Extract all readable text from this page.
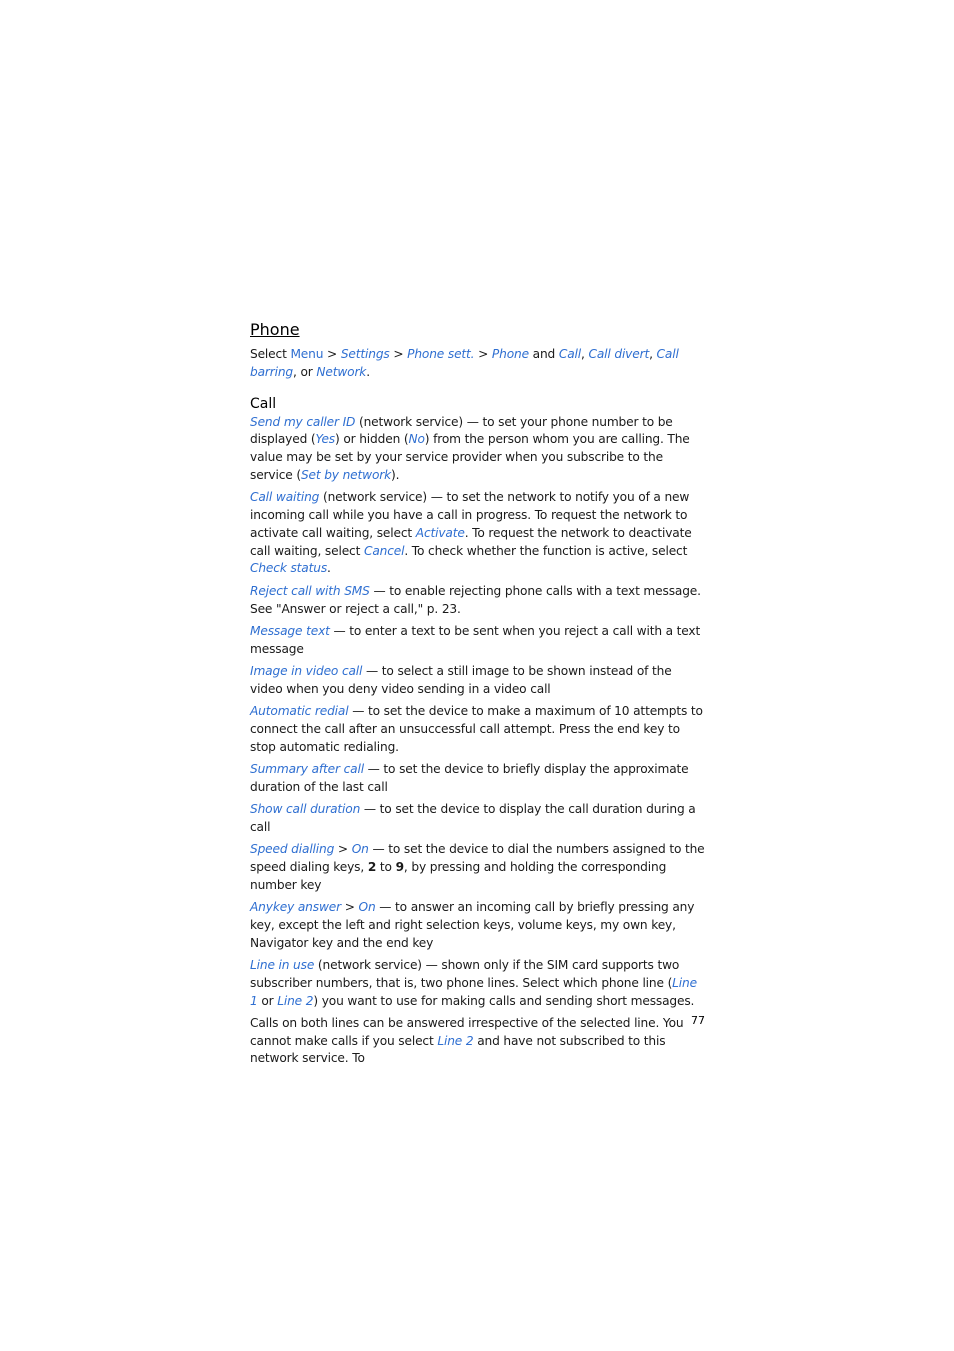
Phone

Select Menu > Settings > Phone sett. > Phone and Call, Call divert, Call barring, or Network.

Call

Send my caller ID (network service) — to set your phone number to be displayed (Yes) or hidden (No) from the person whom you are calling. The value may be set by your service provider when you subscribe to the service (Set by network).

Call waiting (network service) — to set the network to notify you of a new incoming call while you have a call in progress. To request the network to activate call waiting, select Activate. To request the network to deactivate call waiting, select Cancel. To check whether the function is active, select Check status.

Reject call with SMS — to enable rejecting phone calls with a text message. See "Answer or reject a call," p. 23.

Message text — to enter a text to be sent when you reject a call with a text message

Image in video call — to select a still image to be shown instead of the video when you deny video sending in a video call

Automatic redial — to set the device to make a maximum of 10 attempts to connect the call after an unsuccessful call attempt. Press the end key to stop automatic redialing.

Summary after call — to set the device to briefly display the approximate duration of the last call

Show call duration — to set the device to display the call duration during a call

Speed dialling > On — to set the device to dial the numbers assigned to the speed dialing keys, 2 to 9, by pressing and holding the corresponding number key

Anykey answer > On — to answer an incoming call by briefly pressing any key, except the left and right selection keys, volume keys, my own key, Navigator key and the end key

Line in use (network service) — shown only if the SIM card supports two subscriber numbers, that is, two phone lines. Select which phone line (Line 1 or Line 2) you want to use for making calls and sending short messages.

Calls on both lines can be answered irrespective of the selected line. You cannot make calls if you select Line 2 and have not subscribed to this network service. To

77
